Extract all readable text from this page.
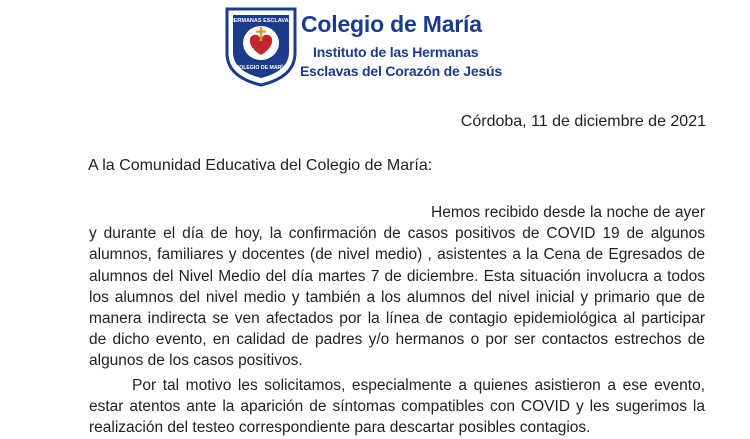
HERMANAS ESCLAVAS
COLEGIO DE MARÍA
Colegio de María
Instituto de las Hermanas
Esclavas del Corazón de Jesús
Córdoba, 11 de diciembre de 2021
A la Comunidad Educativa del Colegio de María:
Hemos recibido desde la noche de ayer y durante el día de hoy, la confirmación de casos positivos de COVID 19 de algunos alumnos, familiares y docentes (de nivel medio) , asistentes a la Cena de Egresados de alumnos del Nivel Medio del día martes 7 de diciembre. Esta situación involucra a todos los alumnos del nivel medio y también a los alumnos del nivel inicial y primario que de manera indirecta se ven afectados por la línea de contagio epidemiológica al participar de dicho evento, en calidad de padres y/o hermanos o por ser contactos estrechos de algunos de los casos positivos.
Por tal motivo les solicitamos, especialmente a quienes asistieron a ese evento, estar atentos ante la aparición de síntomas compatibles con COVID y les sugerimos la realización del testeo correspondiente para descartar posibles contagios.
